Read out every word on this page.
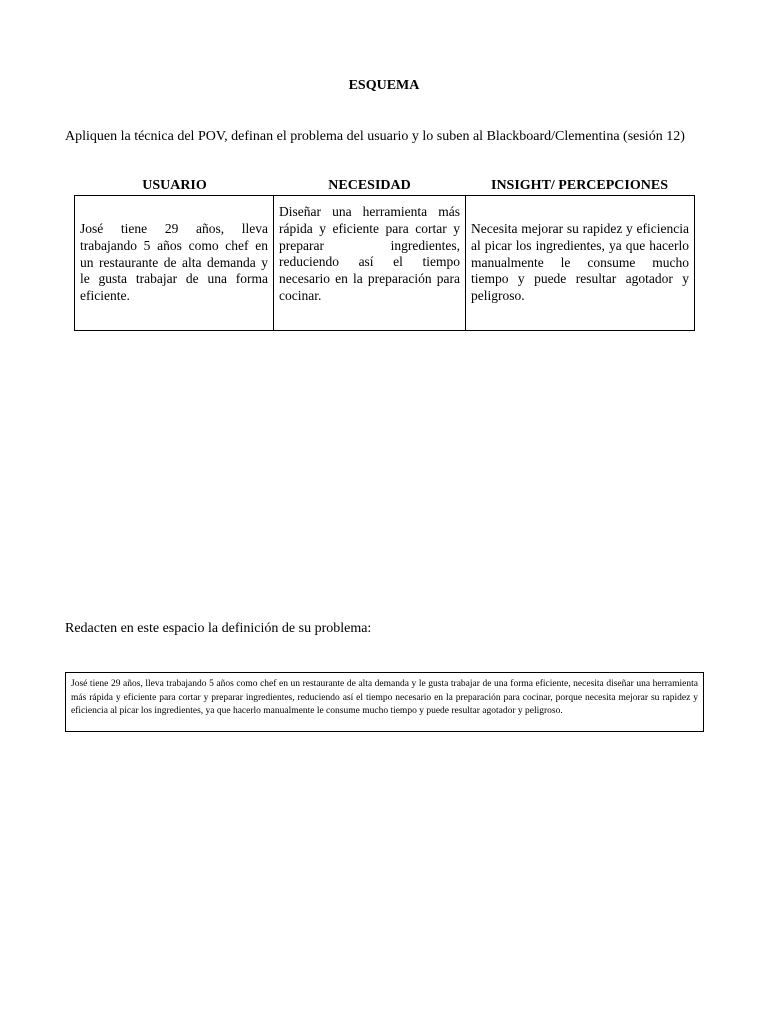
ESQUEMA
Apliquen la técnica del POV, definan el problema del usuario y lo suben al Blackboard/Clementina (sesión 12)
USUARIO	NECESIDAD	INSIGHT/ PERCEPCIONES
José tiene 29 años, lleva trabajando 5 años como chef en un restaurante de alta demanda y le gusta trabajar de una forma eficiente.	Diseñar una herramienta más rápida y eficiente para cortar y preparar ingredientes, reduciendo así el tiempo necesario en la preparación para cocinar.	Necesita mejorar su rapidez y eficiencia al picar los ingredientes, ya que hacerlo manualmente le consume mucho tiempo y puede resultar agotador y peligroso.
Redacten en este espacio la definición de su problema:
José tiene 29 años, lleva trabajando 5 años como chef en un restaurante de alta demanda y le gusta trabajar de una forma eficiente, necesita diseñar una herramienta más rápida y eficiente para cortar y preparar ingredientes, reduciendo así el tiempo necesario en la preparación para cocinar, porque necesita mejorar su rapidez y eficiencia al picar los ingredientes, ya que hacerlo manualmente le consume mucho tiempo y puede resultar agotador y peligroso.
